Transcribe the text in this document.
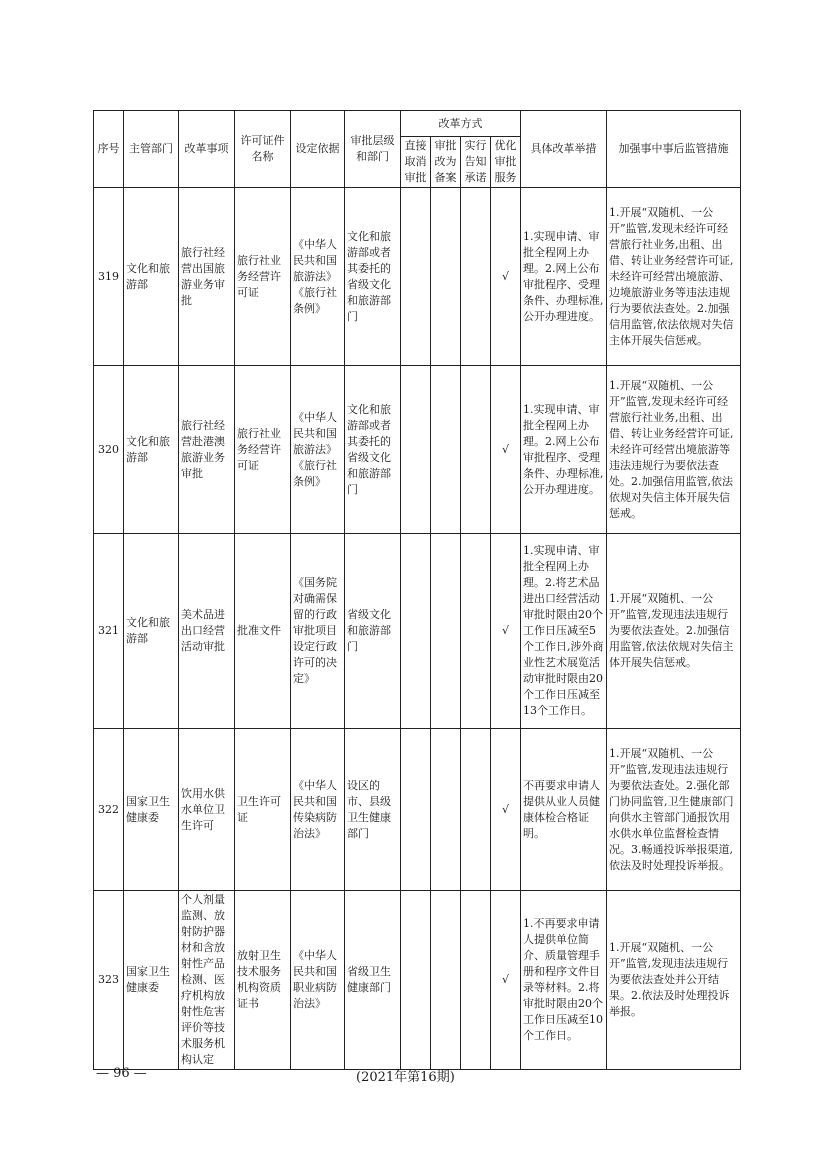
序号	主管部门	改革事项	许可证件名称	设定依据	审批层级和部门	改革方式				具体改革举措	加强事中事后监管措施
						直接取消审批	审批改为备案	实行告知承诺	优化审批服务		
319	文化和旅游部	旅行社经营出国旅游业务审批	旅行社业务经营许可证	《中华人民共和国旅游法》《旅行社条例》	文化和旅游部或者其委托的省级文化和旅游部门				√	1.实现申请、审批全程网上办理。2.网上公布审批程序、受理条件、办理标准,公开办理进度。	1.开展“双随机、一公开”监管,发现未经许可经营旅行社业务,出租、出借、转让业务经营许可证,未经许可经营出境旅游、边境旅游业务等违法违规行为要依法查处。2.加强信用监管,依法依规对失信主体开展失信惩戒。
320	文化和旅游部	旅行社经营赴港澳旅游业务审批	旅行社业务经营许可证	《中华人民共和国旅游法》《旅行社条例》	文化和旅游部或者其委托的省级文化和旅游部门				√	1.实现申请、审批全程网上办理。2.网上公布审批程序、受理条件、办理标准,公开办理进度。	1.开展“双随机、一公开”监管,发现未经许可经营旅行社业务,出租、出借、转让业务经营许可证,未经许可经营出境旅游等违法违规行为要依法查处。2.加强信用监管,依法依规对失信主体开展失信惩戒。
321	文化和旅游部	美术品进出口经营活动审批	批准文件	《国务院对确需保留的行政审批项目设定行政许可的决定》	省级文化和旅游部门				√	1.实现申请、审批全程网上办理。2.将艺术品进出口经营活动审批时限由20个工作日压减至5个工作日,涉外商业性艺术展览活动审批时限由20个工作日压减至13个工作日。	1.开展“双随机、一公开”监管,发现违法违规行为要依法查处。2.加强信用监管,依法依规对失信主体开展失信惩戒。
322	国家卫生健康委	饮用水供水单位卫生许可	卫生许可证	《中华人民共和国传染病防治法》	设区的市、县级卫生健康部门				√	不再要求申请人提供从业人员健康体检合格证明。	1.开展“双随机、一公开”监管,发现违法违规行为要依法查处。2.强化部门协同监管,卫生健康部门向供水主管部门通报饮用水供水单位监督检查情况。3.畅通投诉举报渠道,依法及时处理投诉举报。
323	国家卫生健康委	个人剂量监测、放射防护器材和含放射性产品检测、医疗机构放射性危害评价等技术服务机构认定	放射卫生技术服务机构资质证书	《中华人民共和国职业病防治法》	省级卫生健康部门				√	1.不再要求申请人提供单位简介、质量管理手册和程序文件目录等材料。2.将审批时限由20个工作日压减至10个工作日。	1.开展“双随机、一公开”监管,发现违法违规行为要依法查处并公开结果。2.依法及时处理投诉举报。
— 96 —	(2021年第16期)
